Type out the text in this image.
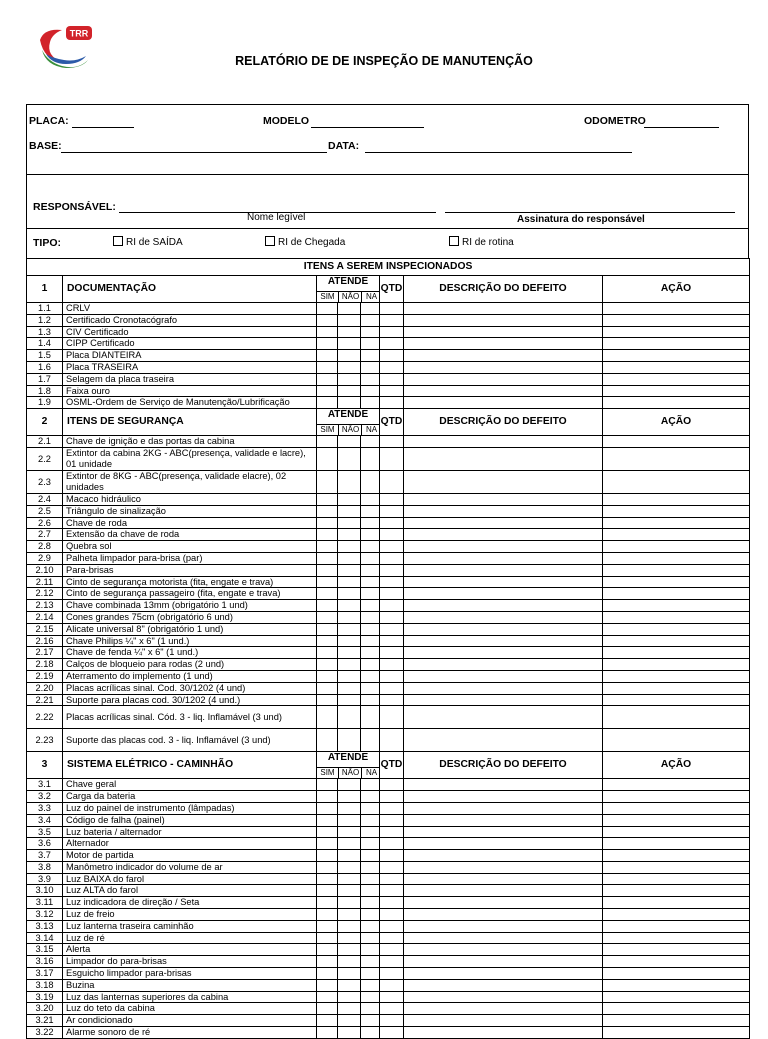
TRR
RELATÓRIO DE DE INSPEÇÃO DE MANUTENÇÃO
PLACA:	MODELO	ODOMETRO
BASE:	DATA:
RESPONSÁVEL:
Nome legível	Assinatura do responsável
TIPO:	RI de SAÍDA	RI de Chegada	RI de rotina
ITENS A SEREM INSPECIONADOS							
1	DOCUMENTAÇÃO	ATENDE
SIM NÃO NA			QTD	DESCRIÇÃO DO DEFEITO	AÇÃO
1.1	CRLV						
1.2	Certificado Cronotacógrafo						
1.3	CIV Certificado						
1.4	CIPP Certificado						
1.5	Placa DIANTEIRA						
1.6	Placa TRASEIRA						
1.7	Selagem da placa traseira						
1.8	Faixa ouro						
1.9	OSML-Ordem de Serviço de Manutenção/Lubrificação						
2	ITENS DE SEGURANÇA	ATENDE
SIM NÃO NA			QTD	DESCRIÇÃO DO DEFEITO	AÇÃO
2.1	Chave de ignição e das portas da cabina						
2.2	Extintor da cabina 2KG - ABC(presença, validade e lacre), 01 unidade						
2.3	Extintor de 8KG - ABC(presença, validade elacre), 02 unidades						
2.4	Macaco hidráulico						
2.5	Triângulo de sinalização						
2.6	Chave de roda						
2.7	Extensão da chave de roda						
2.8	Quebra sol						
2.9	Palheta limpador para-brisa (par)						
2.10	Para-brisas						
2.11	Cinto de segurança motorista (fita, engate e trava)						
2.12	Cinto de segurança passageiro (fita, engate e trava)						
2.13	Chave combinada 13mm (obrigatório 1 und)						
2.14	Cones grandes 75cm (obrigatório 6 und)						
2.15	Alicate universal 8" (obrigatório 1 und)						
2.16	Chave Philips ¼" x 6" (1 und.)						
2.17	Chave de fenda ¼" x 6" (1 und.)						
2.18	Calços de bloqueio para rodas (2 und)						
2.19	Aterramento do implemento (1 und)						
2.20	Placas acrílicas sinal. Cod. 30/1202 (4 und)						
2.21	Suporte para placas cod. 30/1202 (4 und.)						
2.22	Placas acrílicas sinal. Cód. 3 - liq. Inflamável (3 und)						
2.23	Suporte das placas cod. 3 - liq. Inflamável (3 und)						
3	SISTEMA ELÉTRICO - CAMINHÃO	ATENDE
SIM NÃO NA			QTD	DESCRIÇÃO DO DEFEITO	AÇÃO
3.1	Chave geral						
3.2	Carga da bateria						
3.3	Luz do painel de instrumento (lâmpadas)						
3.4	Código de falha (painel)						
3.5	Luz bateria / alternador						
3.6	Alternador						
3.7	Motor de partida						
3.8	Manômetro indicador do volume de ar						
3.9	Luz BAIXA do farol						
3.10	Luz ALTA do farol						
3.11	Luz indicadora de direção / Seta						
3.12	Luz de freio						
3.13	Luz lanterna traseira caminhão						
3.14	Luz de ré						
3.15	Alerta						
3.16	Limpador do para-brisas						
3.17	Esguicho limpador para-brisas						
3.18	Buzina						
3.19	Luz das lanternas superiores da cabina						
3.20	Luz do teto da cabina						
3.21	Ar condicionado						
3.22	Alarme sonoro de ré						
